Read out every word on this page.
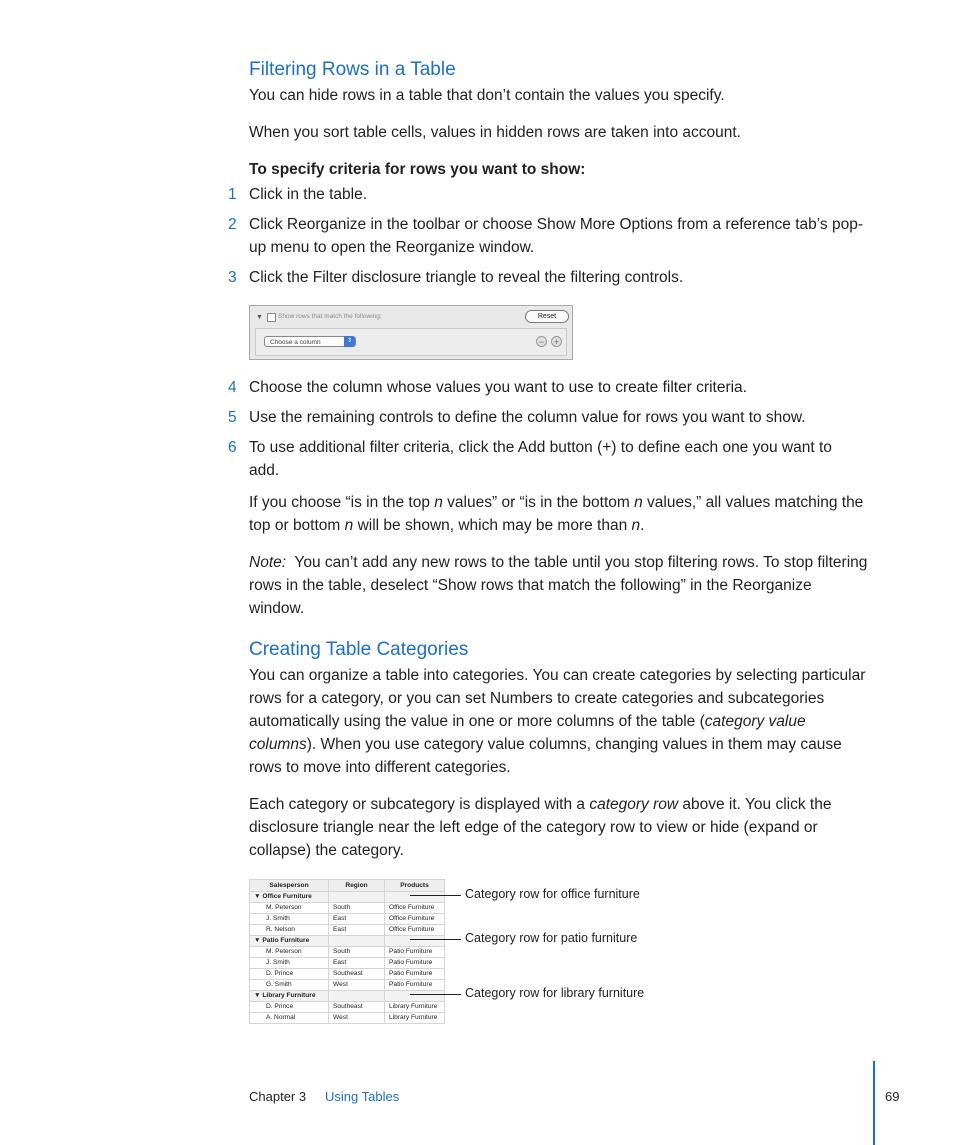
Filtering Rows in a Table

You can hide rows in a table that don’t contain the values you specify.

When you sort table cells, values in hidden rows are taken into account.

To specify criteria for rows you want to show:

1 Click in the table.
2 Click Reorganize in the toolbar or choose Show More Options from a reference tab’s pop-up menu to open the Reorganize window.
3 Click the Filter disclosure triangle to reveal the filtering controls.
▼ Show rows that match the following:	Reset
Choose a column	⇕	−	+
4 Choose the column whose values you want to use to create filter criteria.
5 Use the remaining controls to define the column value for rows you want to show.
6 To use additional filter criteria, click the Add button (+) to define each one you want to add.

If you choose “is in the top n values” or “is in the bottom n values,” all values matching the top or bottom n will be shown, which may be more than n.

Note: You can’t add any new rows to the table until you stop filtering rows. To stop filtering rows in the table, deselect “Show rows that match the following” in the Reorganize window.

Creating Table Categories

You can organize a table into categories. You can create categories by selecting particular rows for a category, or you can set Numbers to create categories and subcategories automatically using the value in one or more columns of the table (category value columns). When you use category value columns, changing values in them may cause rows to move into different categories.

Each category or subcategory is displayed with a category row above it. You click the disclosure triangle near the left edge of the category row to view or hide (expand or collapse) the category.

Salesperson	Region	Products
▼ Office Furniture		
M. Peterson	South	Office Furniture
J. Smith	East	Office Furniture
R. Nelson	East	Office Furniture
▼ Patio Furniture		
M. Peterson	South	Patio Furniture
J. Smith	East	Patio Furniture
D. Prince	Southeast	Patio Furniture
G. Smith	West	Patio Furniture
▼ Library Furniture		
D. Prince	Southeast	Library Furniture
A. Normal	West	Library Furniture
Category row for office furniture
Category row for patio furniture
Category row for library furniture
Chapter 3 Using Tables	69
